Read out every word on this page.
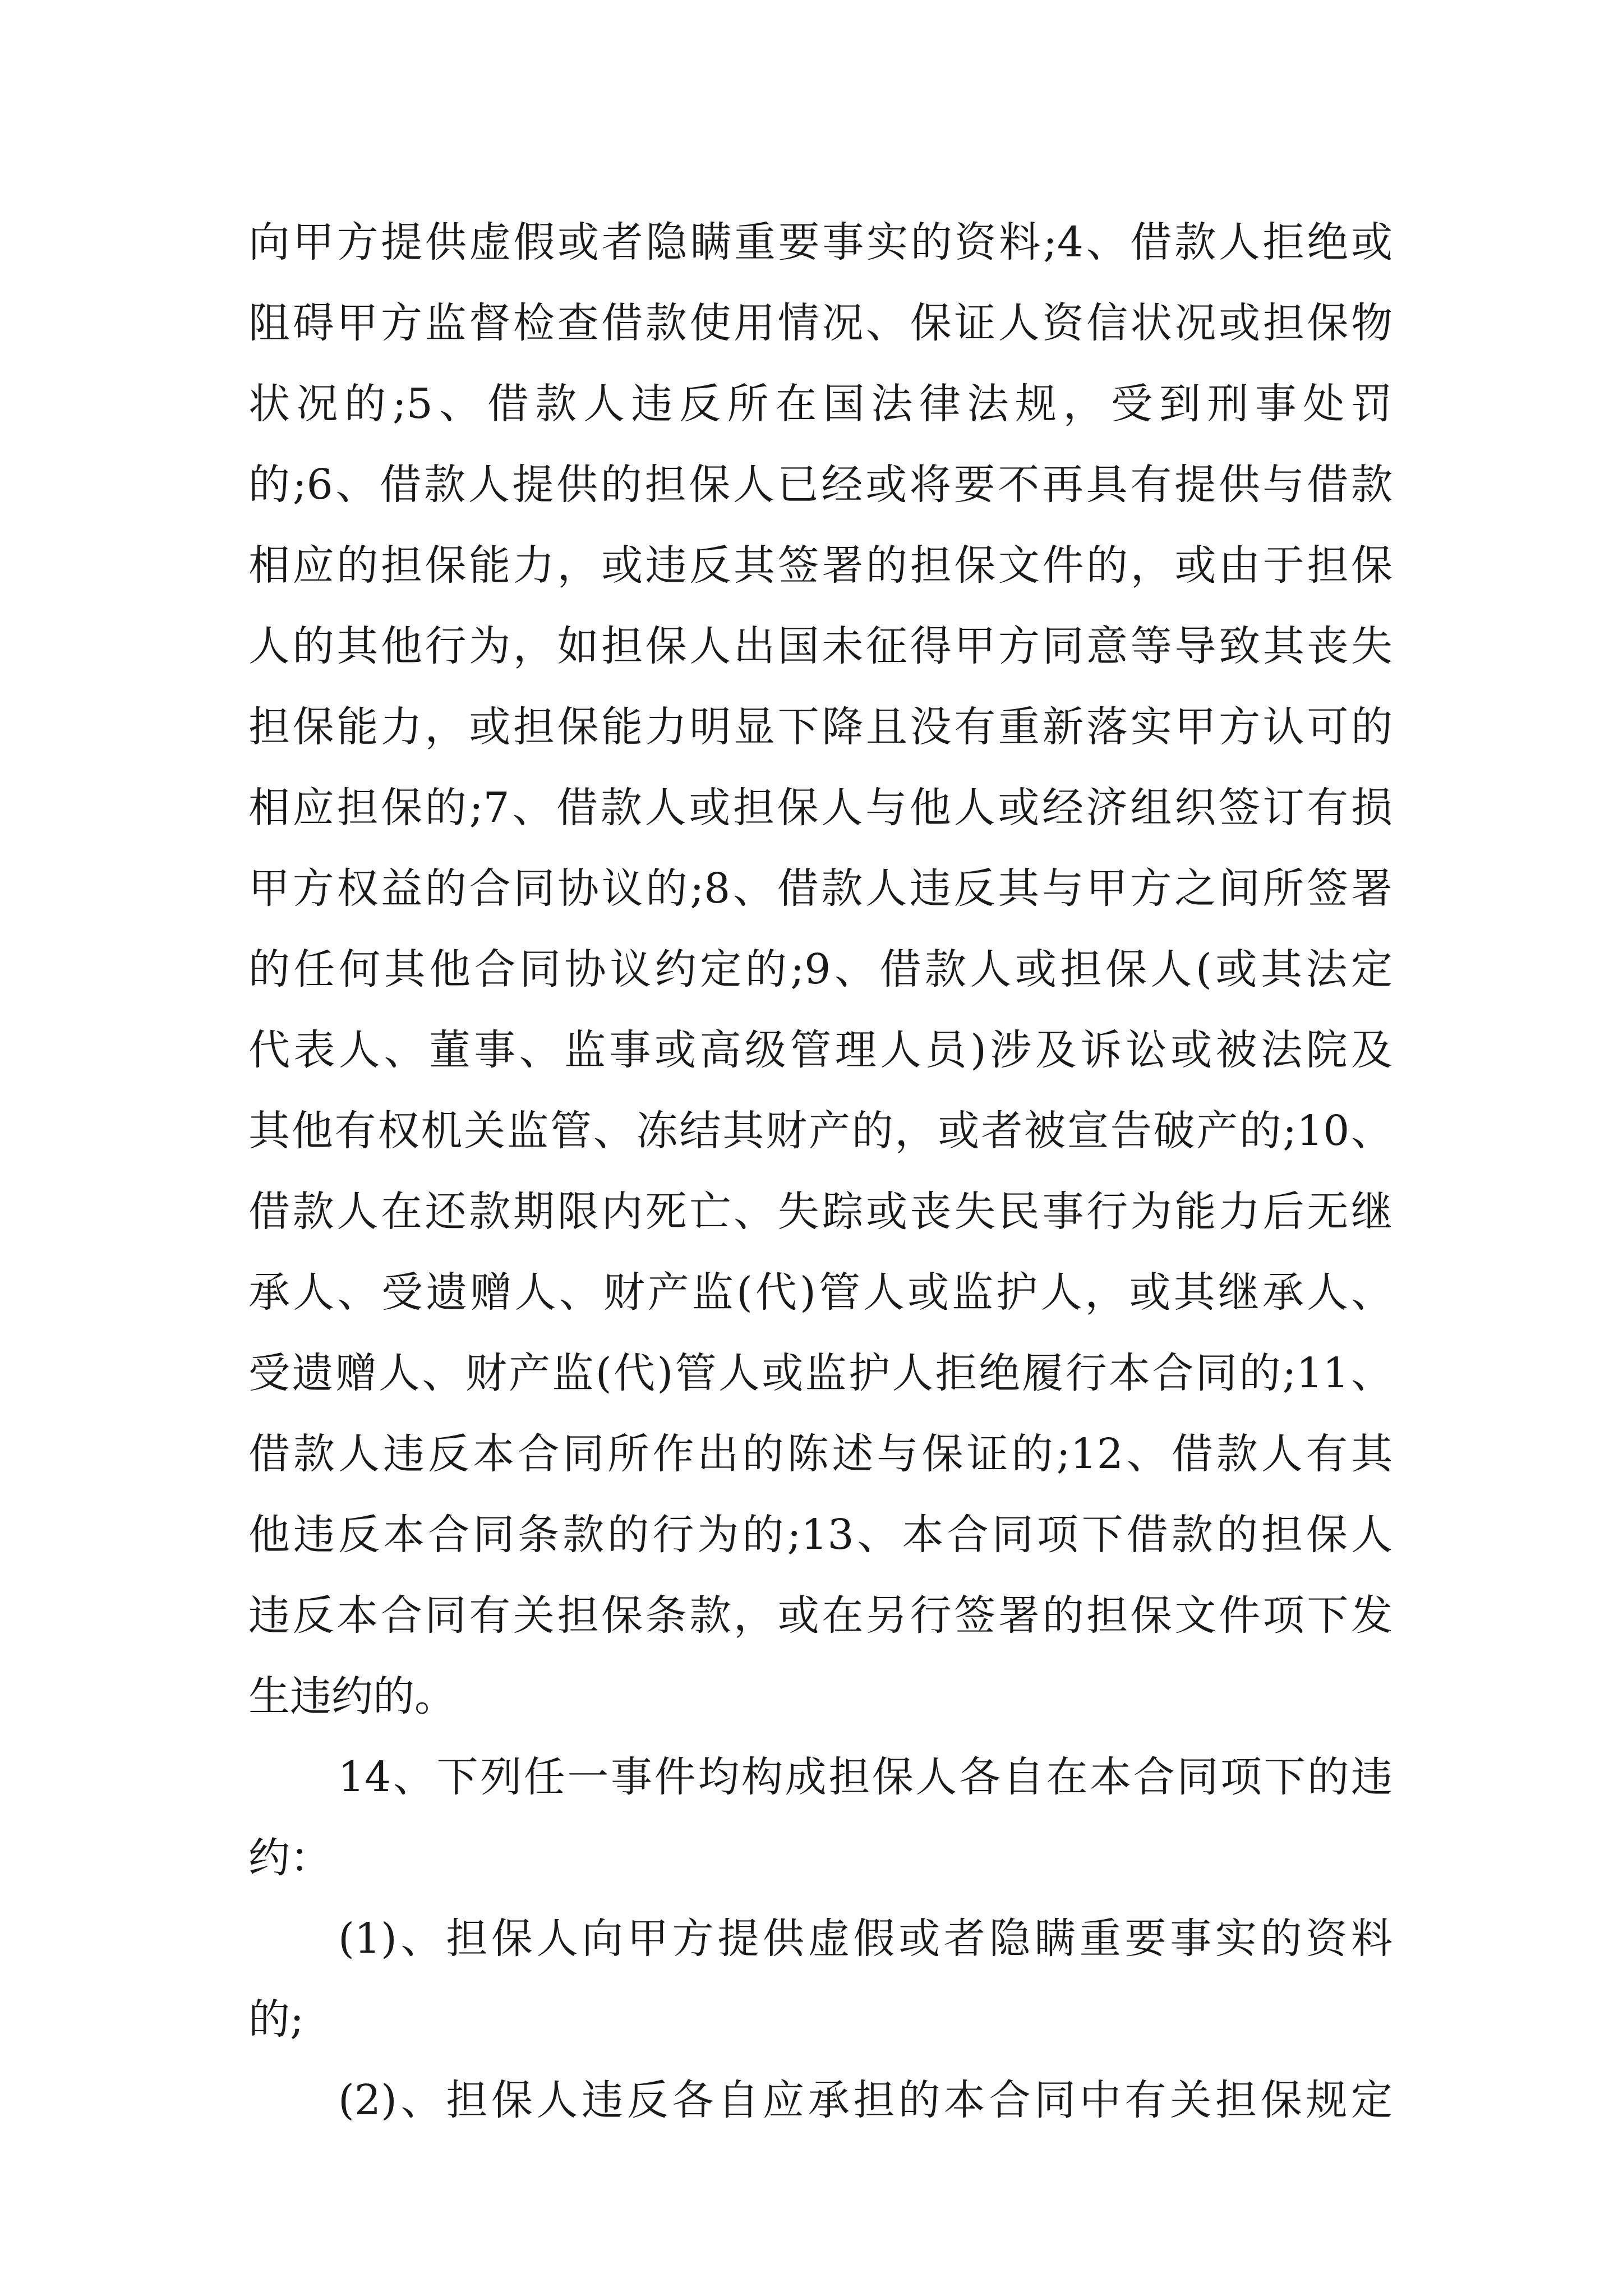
向甲方提供虚假或者隐瞒重要事实的资料;4、借款人拒绝或
阻碍甲方监督检查借款使用情况、保证人资信状况或担保物
状况的;5、借款人违反所在国法律法规，受到刑事处罚
的;6、借款人提供的担保人已经或将要不再具有提供与借款
相应的担保能力，或违反其签署的担保文件的，或由于担保
人的其他行为，如担保人出国未征得甲方同意等导致其丧失
担保能力，或担保能力明显下降且没有重新落实甲方认可的
相应担保的;7、借款人或担保人与他人或经济组织签订有损
甲方权益的合同协议的;8、借款人违反其与甲方之间所签署
的任何其他合同协议约定的;9、借款人或担保人(或其法定
代表人、董事、监事或高级管理人员)涉及诉讼或被法院及
其他有权机关监管、冻结其财产的，或者被宣告破产的;10、
借款人在还款期限内死亡、失踪或丧失民事行为能力后无继
承人、受遗赠人、财产监(代)管人或监护人，或其继承人、
受遗赠人、财产监(代)管人或监护人拒绝履行本合同的;11、
借款人违反本合同所作出的陈述与保证的;12、借款人有其
他违反本合同条款的行为的;13、本合同项下借款的担保人
违反本合同有关担保条款，或在另行签署的担保文件项下发
生违约的。
14、下列任一事件均构成担保人各自在本合同项下的违
约：
(1)、担保人向甲方提供虚假或者隐瞒重要事实的资料
的;
(2)、担保人违反各自应承担的本合同中有关担保规定
